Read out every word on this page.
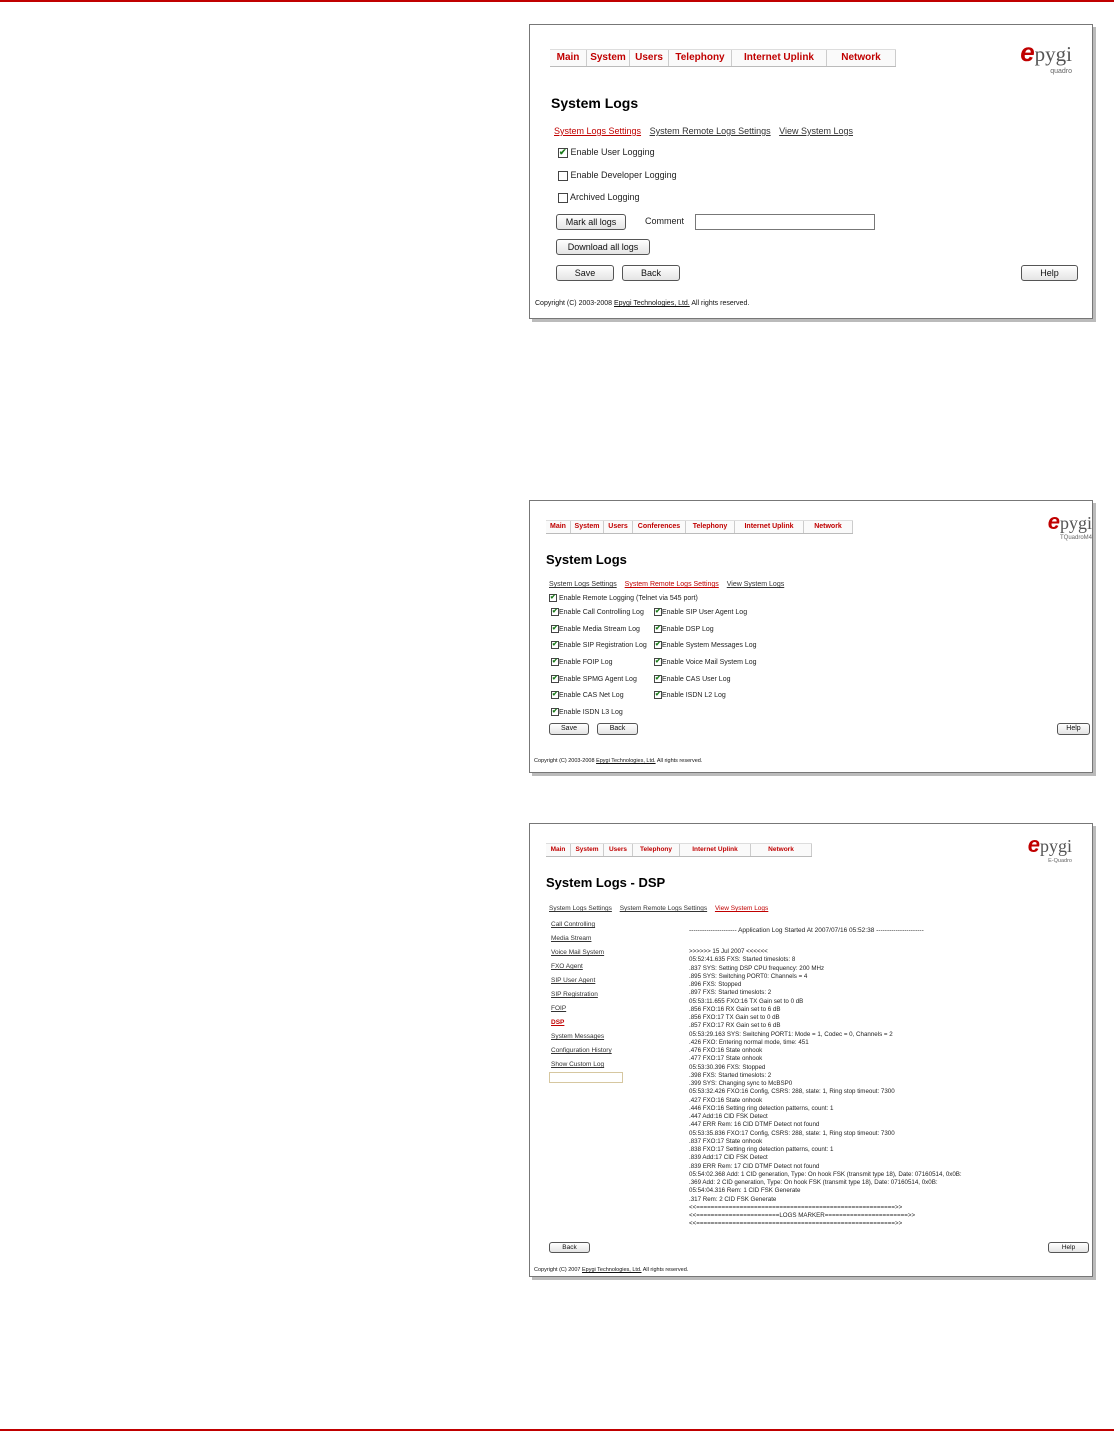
Main	System Users	Telephony	Internet Uplink	Network	epygi
quadro
System Logs
System Logs Settings System Remote Logs Settings View System Logs
✔ Enable User Logging
Enable Developer Logging
Archived Logging
Mark all logs	Comment
Download all logs
Save	Back	Help
Copyright (C) 2003-2008 Epygi Technologies, Ltd. All rights reserved.
Main	System	Users	Conferences	Telephony	Internet Uplink	Network	epygi
TQuadroM4
System Logs
System Logs Settings System Remote Logs Settings View System Logs
✔ Enable Remote Logging (Telnet via 545 port)
✔Enable Call Controlling Log
✔Enable Media Stream Log
✔Enable SIP Registration Log
✔Enable FOIP Log
✔Enable SPMG Agent Log
✔Enable CAS Net Log
✔Enable ISDN L3 Log
✔Enable SIP User Agent Log
✔Enable DSP Log
✔Enable System Messages Log
✔Enable Voice Mail System Log
✔Enable CAS User Log
✔Enable ISDN L2 Log
Save	Back	Help
Copyright (C) 2003-2008 Epygi Technologies, Ltd. All rights reserved.
Main	System	Users	Telephony	Internet Uplink	Network	epygi
E-Quadro
System Logs - DSP
System Logs Settings System Remote Logs Settings View System Logs
Call Controlling
Media Stream
Voice Mail System
FXO Agent
SIP User Agent
SIP Registration
FOIP
DSP
System Messages
Configuration History
Show Custom Log
---------------------- Application Log Started At 2007/07/16 05:52:38 ----------------------
>>>>>> 15 Jul 2007 <<<<<<
05:52:41.635 FXS: Started timeslots: 8
.837 SYS: Setting DSP CPU frequency: 200 MHz
.895 SYS: Switching PORT0: Channels = 4
.896 FXS: Stopped
.897 FXS: Started timeslots: 2
05:53:11.655 FXO:16 TX Gain set to 0 dB
.856 FXO:16 RX Gain set to 6 dB
.856 FXO:17 TX Gain set to 0 dB
.857 FXO:17 RX Gain set to 6 dB
05:53:29.163 SYS: Switching PORT1: Mode = 1, Codec = 0, Channels = 2
.426 FXO: Entering normal mode, time: 451
.476 FXO:16 State onhook
.477 FXO:17 State onhook
05:53:30.396 FXS: Stopped
.398 FXS: Started timeslots: 2
.399 SYS: Changing sync to McBSP0
05:53:32.426 FXO:16 Config, CSRS: 288, state: 1, Ring stop timeout: 7300
.427 FXO:16 State onhook
.446 FXO:16 Setting ring detection patterns, count: 1
.447 Add:16 CID FSK Detect
.447 ERR Rem: 16 CID DTMF Detect not found
05:53:35.836 FXO:17 Config, CSRS: 288, state: 1, Ring stop timeout: 7300
.837 FXO:17 State onhook
.838 FXO:17 Setting ring detection patterns, count: 1
.839 Add:17 CID FSK Detect
.839 ERR Rem: 17 CID DTMF Detect not found
05:54:02.368 Add: 1 CID generation, Type: On hook FSK (transmit type 18), Date: 07160514, 0x0B:
.369 Add: 2 CID generation, Type: On hook FSK (transmit type 18), Date: 07160514, 0x0B:
05:54:04.316 Rem: 1 CID FSK Generate
.317 Rem: 2 CID FSK Generate
<<=======================================================>>
<<=======================LOGS MARKER=======================>>
<<=======================================================>>
Back	Help
Copyright (C) 2007 Epygi Technologies, Ltd. All rights reserved.
